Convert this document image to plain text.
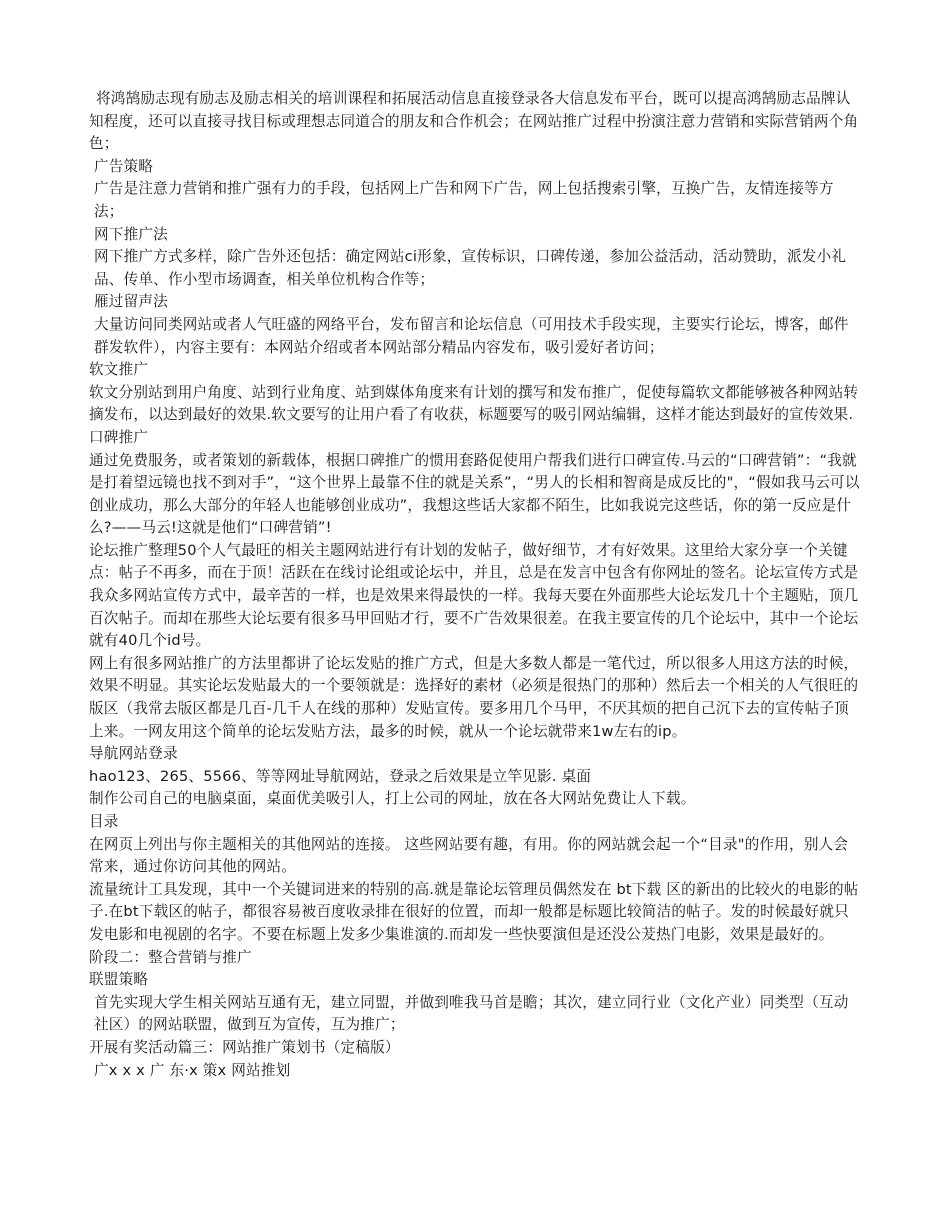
将鸿鹄励志现有励志及励志相关的培训课程和拓展活动信息直接登录各大信息发布平台，既可以提高鸿鹄励志品牌认知程度，还可以直接寻找目标或理想志同道合的朋友和合作机会；在网站推广过程中扮演注意力营销和实际营销两个角色；

广告策略

广告是注意力营销和推广强有力的手段，包括网上广告和网下广告，网上包括搜索引擎，互换广告，友情连接等方法；

网下推广法

网下推广方式多样，除广告外还包括：确定网站ci形象，宣传标识，口碑传递，参加公益活动，活动赞助，派发小礼品、传单、作小型市场调查，相关单位机构合作等；

雁过留声法

大量访问同类网站或者人气旺盛的网络平台，发布留言和论坛信息（可用技术手段实现，主要实行论坛，博客，邮件群发软件），内容主要有：本网站介绍或者本网站部分精品内容发布，吸引爱好者访问；

软文推广

软文分别站到用户角度、站到行业角度、站到媒体角度来有计划的撰写和发布推广，促使每篇软文都能够被各种网站转摘发布，以达到最好的效果.软文要写的让用户看了有收获，标题要写的吸引网站编辑，这样才能达到最好的宣传效果. 口碑推广

通过免费服务，或者策划的新载体，根据口碑推广的惯用套路促使用户帮我们进行口碑宣传.马云的“口碑营销”：“我就是打着望远镜也找不到对手”，“这个世界上最靠不住的就是关系”，“男人的长相和智商是成反比的"，“假如我马云可以创业成功，那么大部分的年轻人也能够创业成功”，我想这些话大家都不陌生，比如我说完这些话，你的第一反应是什么?——马云!这就是他们“口碑营销”!

论坛推广整理50个人气最旺的相关主题网站进行有计划的发帖子，做好细节，才有好效果。这里给大家分享一个关键点：帖子不再多，而在于顶！活跃在在线讨论组或论坛中，并且，总是在发言中包含有你网址的签名。论坛宣传方式是我众多网站宣传方式中，最辛苦的一样，也是效果来得最快的一样。我每天要在外面那些大论坛发几十个主题贴，顶几百次帖子。而却在那些大论坛要有很多马甲回贴才行，要不广告效果很差。在我主要宣传的几个论坛中，其中一个论坛就有40几个id号。

网上有很多网站推广的方法里都讲了论坛发贴的推广方式，但是大多数人都是一笔代过，所以很多人用这方法的时候，效果不明显。其实论坛发贴最大的一个要领就是：选择好的素材（必须是很热门的那种）然后去一个相关的人气很旺的版区（我常去版区都是几百-几千人在线的那种）发贴宣传。要多用几个马甲，不厌其烦的把自己沉下去的宣传帖子顶上来。一网友用这个简单的论坛发贴方法，最多的时候，就从一个论坛就带来1w左右的ip。

导航网站登录

hao123、265、5566、等等网址导航网站，登录之后效果是立竿见影. 桌面

制作公司自己的电脑桌面，桌面优美吸引人，打上公司的网址，放在各大网站免费让人下载。

目录

在网页上列出与你主题相关的其他网站的连接。 这些网站要有趣，有用。你的网站就会起一个“目录"的作用，别人会常来，通过你访问其他的网站。

流量统计工具发现，其中一个关键词进来的特别的高.就是靠论坛管理员偶然发在 bt下载 区的新出的比较火的电影的帖子.在bt下载区的帖子，都很容易被百度收录排在很好的位置，而却一般都是标题比较简洁的帖子。发的时候最好就只发电影和电视剧的名字。不要在标题上发多少集谁演的.而却发一些快要演但是还没公茇热门电影，效果是最好的。

阶段二：整合营销与推广

联盟策略

首先实现大学生相关网站互通有无，建立同盟，并做到唯我马首是瞻；其次，建立同行业（文化产业）同类型（互动社区）的网站联盟，做到互为宣传，互为推广；

开展有奖活动篇三：网站推广策划书（定稿版）

广x x x 广 东·x 策x 网站推划
